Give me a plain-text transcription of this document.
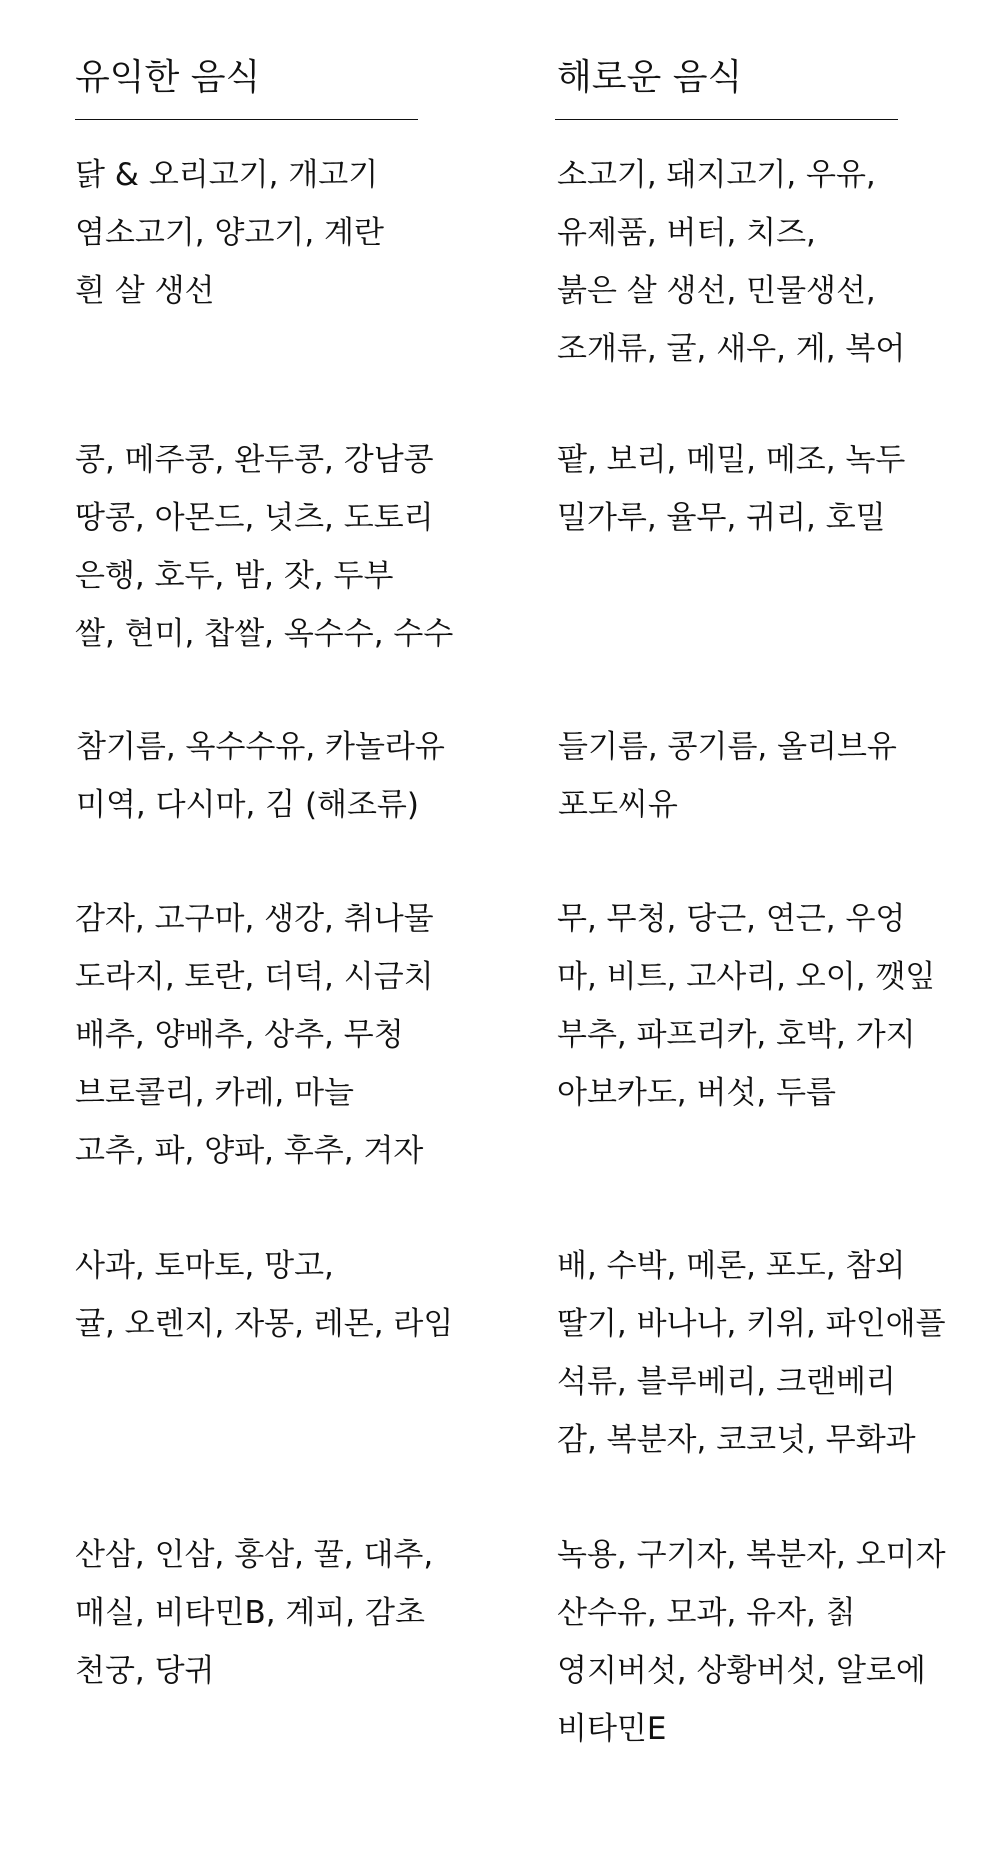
유익한 음식
닭 & 오리고기, 개고기
염소고기, 양고기, 계란
흰 살 생선
콩, 메주콩, 완두콩, 강남콩
땅콩, 아몬드, 넛츠, 도토리
은행, 호두, 밤, 잣, 두부
쌀, 현미, 찹쌀, 옥수수, 수수
참기름, 옥수수유, 카놀라유
미역, 다시마, 김 (해조류)
감자, 고구마, 생강, 취나물
도라지, 토란, 더덕, 시금치
배추, 양배추, 상추, 무청
브로콜리, 카레, 마늘
고추, 파, 양파, 후추, 겨자
사과, 토마토, 망고,
귤, 오렌지, 자몽, 레몬, 라임
산삼, 인삼, 홍삼, 꿀, 대추,
매실, 비타민B, 계피, 감초
천궁, 당귀
해로운 음식
소고기, 돼지고기, 우유,
유제품, 버터, 치즈,
붉은 살 생선, 민물생선,
조개류, 굴, 새우, 게, 복어
팥, 보리, 메밀, 메조, 녹두
밀가루, 율무, 귀리, 호밀
들기름, 콩기름, 올리브유
포도씨유
무, 무청, 당근, 연근, 우엉
마, 비트, 고사리, 오이, 깻잎
부추, 파프리카, 호박, 가지
아보카도, 버섯, 두릅
배, 수박, 메론, 포도, 참외
딸기, 바나나, 키위, 파인애플
석류, 블루베리, 크랜베리
감, 복분자, 코코넛, 무화과
녹용, 구기자, 복분자, 오미자
산수유, 모과, 유자, 칡
영지버섯, 상황버섯, 알로에
비타민E
